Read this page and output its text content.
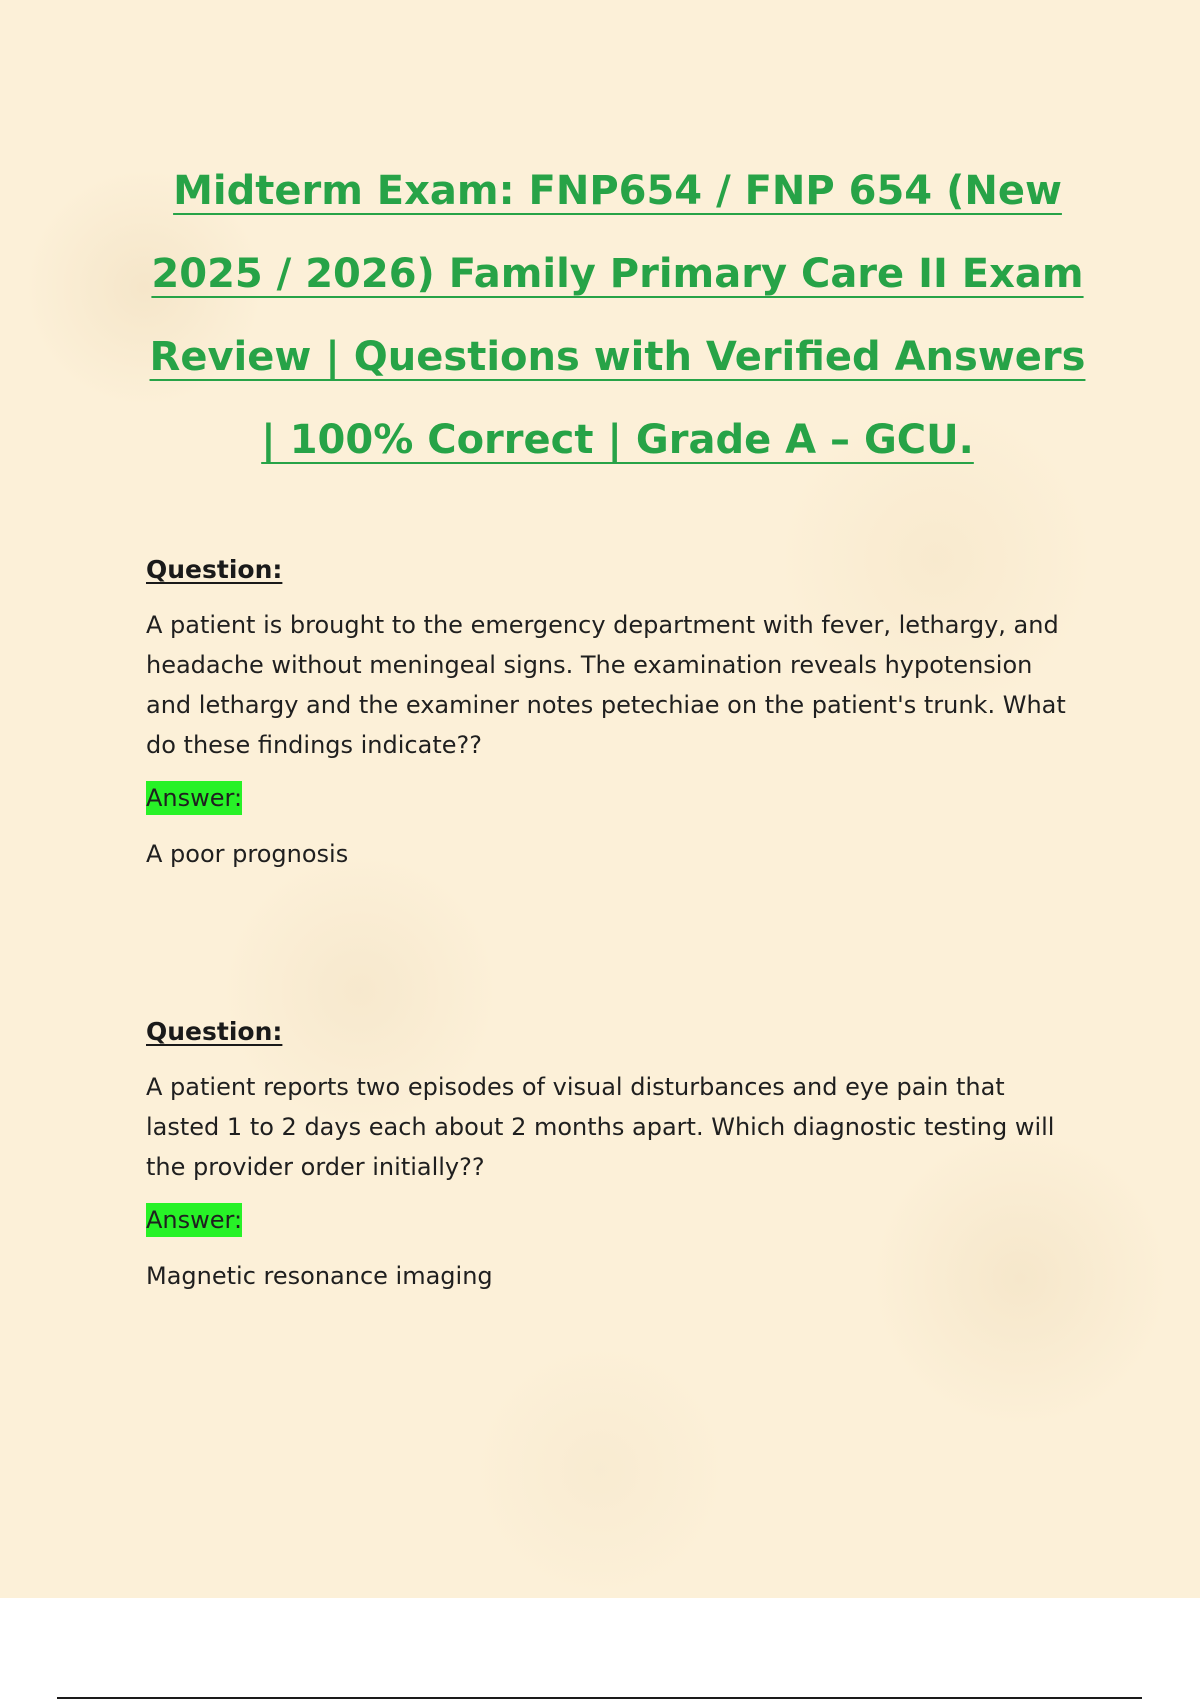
Midterm Exam: FNP654 / FNP 654 (New 2025 / 2026) Family Primary Care II Exam Review | Questions with Verified Answers | 100% Correct | Grade A – GCU.

Question:

A patient is brought to the emergency department with fever, lethargy, and headache without meningeal signs. The examination reveals hypotension and lethargy and the examiner notes petechiae on the patient's trunk. What do these findings indicate??

Answer:

A poor prognosis

Question:

A patient reports two episodes of visual disturbances and eye pain that lasted 1 to 2 days each about 2 months apart. Which diagnostic testing will the provider order initially??

Answer:

Magnetic resonance imaging
